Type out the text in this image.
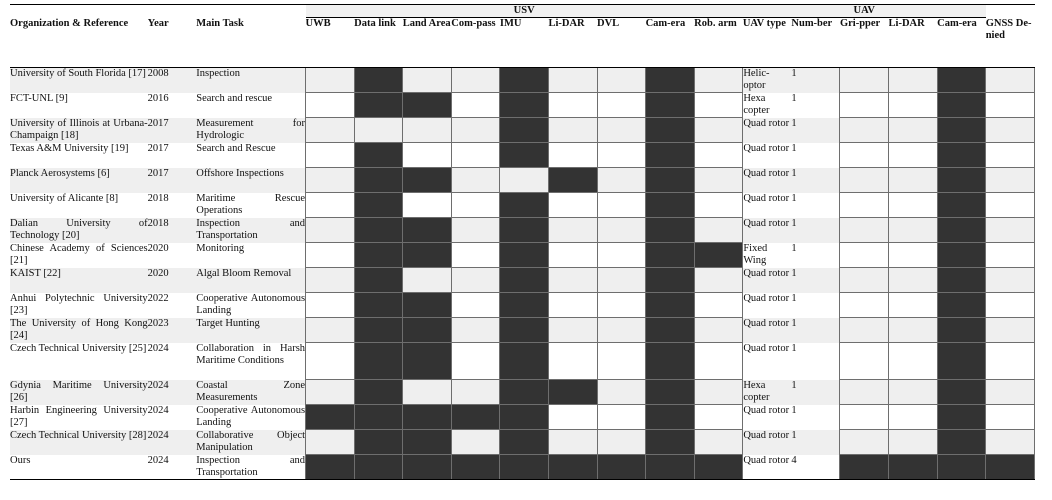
			USV									UAV					
Organization & Reference	Year	Main Task	UWB	Data link	Land Area	Com-pass	IMU	Li-DAR	DVL	Cam-era	Rob. arm	UAV type	Num-ber	Gri-pper	Li-DAR	Cam-era	GNSS De-nied
University of South Florida [17]	2008	Inspection										Helic-optor	1				
FCT-UNL [9]	2016	Search and rescue										Hexa copter	1				
University of Illinois at Urbana-Champaign [18]	2017	Measurement for Hydrologic										Quad rotor	1				
Texas A&M University [19]	2017	Search and Rescue										Quad rotor	1				
Planck Aerosystems [6]	2017	Offshore Inspections										Quad rotor	1				
University of Alicante [8]	2018	Maritime Rescue Operations										Quad rotor	1				
Dalian University of Technology [20]	2018	Inspection and Transportation										Quad rotor	1				
Chinese Academy of Sciences [21]	2020	Monitoring										Fixed Wing	1				
KAIST [22]	2020	Algal Bloom Removal										Quad rotor	1				
Anhui Polytechnic University [23]	2022	Cooperative Autonomous Landing										Quad rotor	1				
The University of Hong Kong [24]	2023	Target Hunting										Quad rotor	1				
Czech Technical University [25]	2024	Collaboration in Harsh Maritime Conditions										Quad rotor	1				
Gdynia Maritime University [26]	2024	Coastal Zone Measurements										Hexa copter	1				
Harbin Engineering University [27]	2024	Cooperative Autonomous Landing										Quad rotor	1				
Czech Technical University [28]	2024	Collaborative Object Manipulation										Quad rotor	1				
Ours	2024	Inspection and Transportation										Quad rotor	4				
